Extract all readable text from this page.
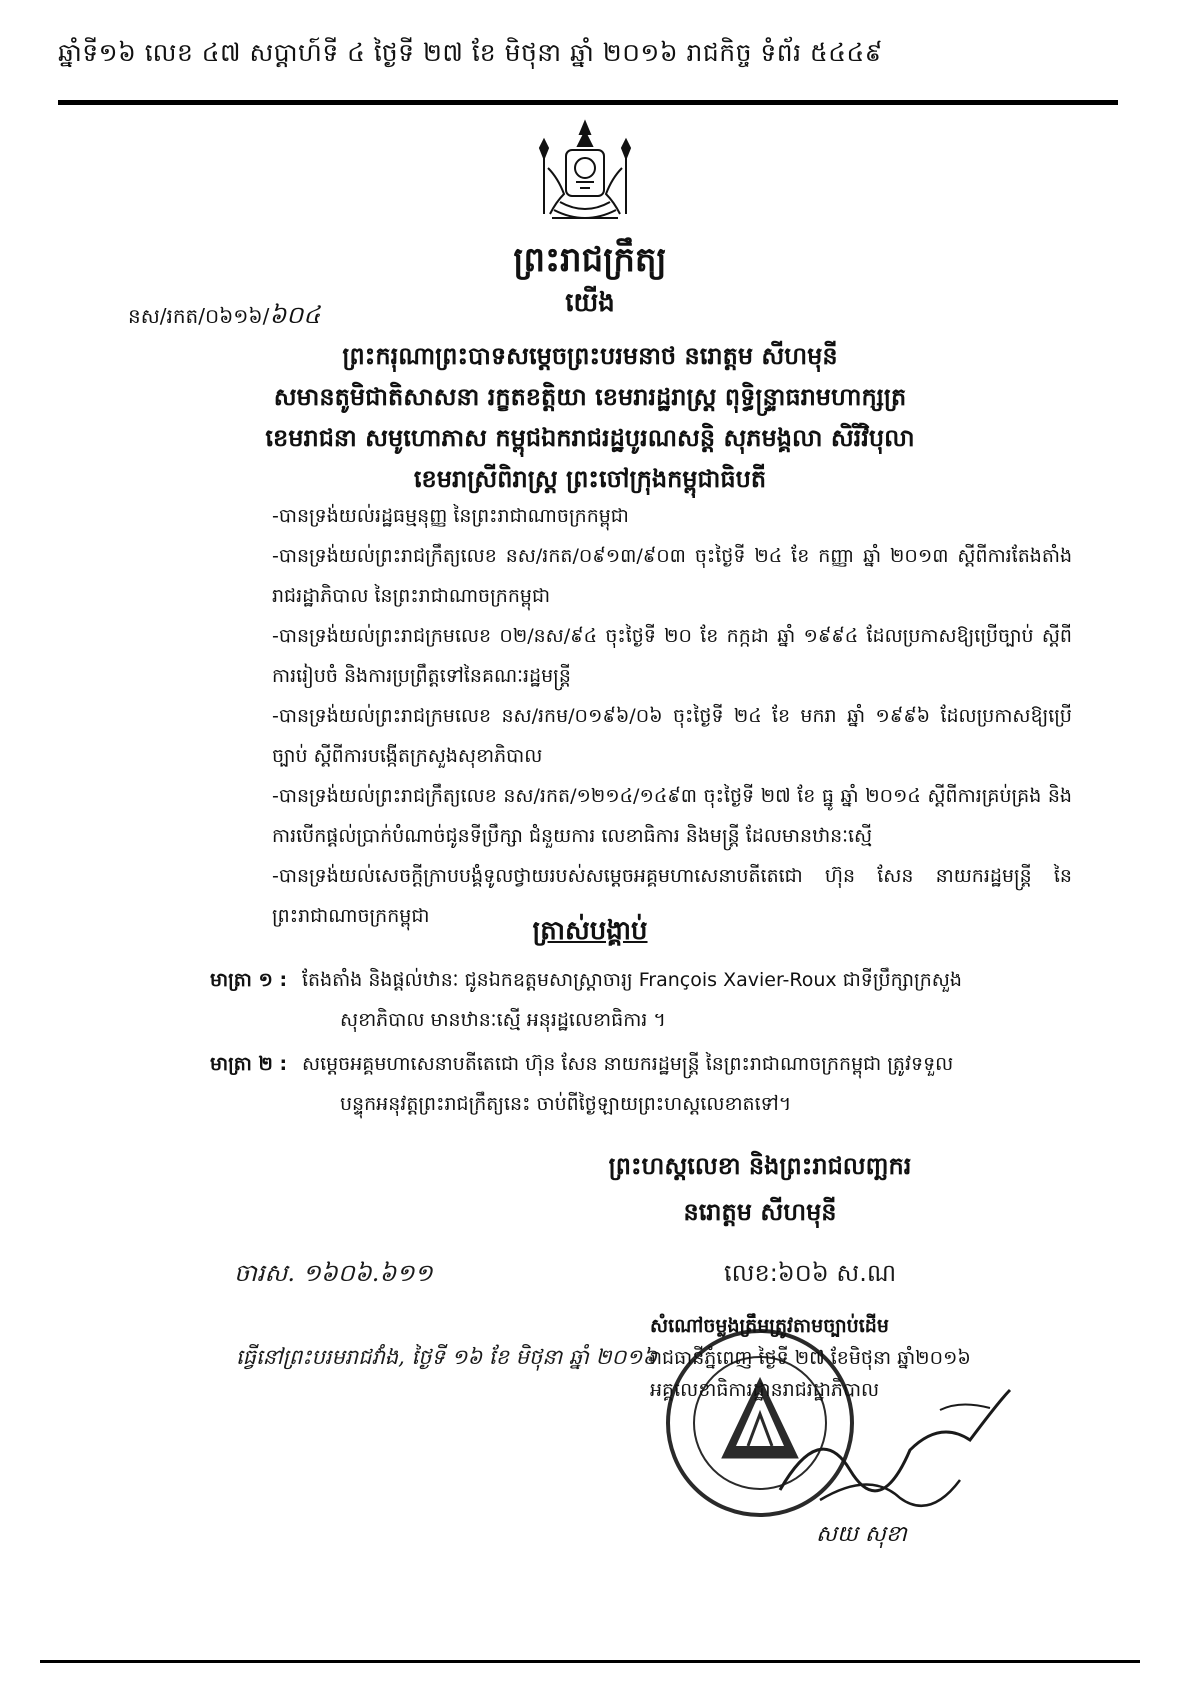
ឆ្នាំទី១៦ លេខ ៤៧ សប្តាហ៍ទី ៤ ថ្ងៃទី ២៧ ខែ មិថុនា ឆ្នាំ ២០១៦ រាជកិច្ច ទំព័រ ៥៤៤៩
ព្រះរាជក្រឹត្យ
យើង
នស/រកត/០៦១៦/៦០៤
ព្រះករុណាព្រះបាទសម្តេចព្រះបរមនាថ នរោត្តម សីហមុនី
សមានតូមិជាតិសាសនា រក្ខតខត្តិយា ខេមរារដ្ឋរាស្ត្រ ពុទ្ធិន្ទ្រាធរាមហាក្សត្រ
ខេមរាជនា សមូហោភាស កម្ពុជឯករាជរដ្ឋបូរណសន្តិ សុភមង្គលា សិរីវិបុលា
ខេមរាស្រីពិរាស្ត្រ ព្រះចៅក្រុងកម្ពុជាធិបតី
-បានទ្រង់យល់រដ្ឋធម្មនុញ្ញ នៃព្រះរាជាណាចក្រកម្ពុជា
-បានទ្រង់យល់ព្រះរាជក្រឹត្យលេខ នស/រកត/០៩១៣/៩០៣ ចុះថ្ងៃទី ២៤ ខែ កញ្ញា ឆ្នាំ ២០១៣ ស្តីពីការតែងតាំងរាជរដ្ឋាភិបាល នៃព្រះរាជាណាចក្រកម្ពុជា
-បានទ្រង់យល់ព្រះរាជក្រមលេខ ០២/នស/៩៤ ចុះថ្ងៃទី ២០ ខែ កក្កដា ឆ្នាំ ១៩៩៤ ដែលប្រកាសឱ្យប្រើច្បាប់ ស្តីពីការរៀបចំ និងការប្រព្រឹត្តទៅនៃគណៈរដ្ឋមន្ត្រី
-បានទ្រង់យល់ព្រះរាជក្រមលេខ នស/រកម/០១៩៦/០៦ ចុះថ្ងៃទី ២៤ ខែ មករា ឆ្នាំ ១៩៩៦ ដែលប្រកាសឱ្យប្រើច្បាប់ ស្តីពីការបង្កើតក្រសួងសុខាភិបាល
-បានទ្រង់យល់ព្រះរាជក្រឹត្យលេខ នស/រកត/១២១៤/១៤៩៣ ចុះថ្ងៃទី ២៧ ខែ ធ្នូ ឆ្នាំ ២០១៤ ស្តីពីការគ្រប់គ្រង និងការបើកផ្តល់ប្រាក់បំណាច់ជូនទីប្រឹក្សា ជំនួយការ លេខាធិការ និងមន្ត្រី ដែលមានឋានៈស្មើ
-បានទ្រង់យល់សេចក្តីក្រាបបង្គំទូលថ្វាយរបស់សម្តេចអគ្គមហាសេនាបតីតេជោ ហ៊ុន សែន នាយករដ្ឋមន្ត្រី នៃព្រះរាជាណាចក្រកម្ពុជា	ត្រាស់បង្គាប់
មាត្រា ១ : តែងតាំង និងផ្តល់ឋានៈ ជូនឯកឧត្តមសាស្ត្រាចារ្យ François Xavier-Roux ជាទីប្រឹក្សាក្រសួង
សុខាភិបាល មានឋានៈស្មើ អនុរដ្ឋលេខាធិការ ។
មាត្រា ២ : សម្តេចអគ្គមហាសេនាបតីតេជោ ហ៊ុន សែន នាយករដ្ឋមន្ត្រី នៃព្រះរាជាណាចក្រកម្ពុជា ត្រូវទទួល
បន្ទុកអនុវត្តព្រះរាជក្រឹត្យនេះ ចាប់ពីថ្ងៃឡាយព្រះហស្តលេខាតទៅ។
ព្រះហស្តលេខា និងព្រះរាជលញ្ឆករ
នរោត្តម សីហមុនី
ចារស. ១៦០៦.៦១១
ធ្វើនៅព្រះបរមរាជវាំង, ថ្ងៃទី ១៦ ខែ មិថុនា ឆ្នាំ ២០១៦
លេខ:៦០៦ ស.ណ
សំណៅចម្លងត្រឹមត្រូវតាមច្បាប់ដើម
រាជធានីភ្នំពេញ ថ្ងៃទី ២៧ ខែមិថុនា ឆ្នាំ២០១៦
អគ្គលេខាធិការដ្ឋានរាជរដ្ឋាភិបាល
សយ សុខា
